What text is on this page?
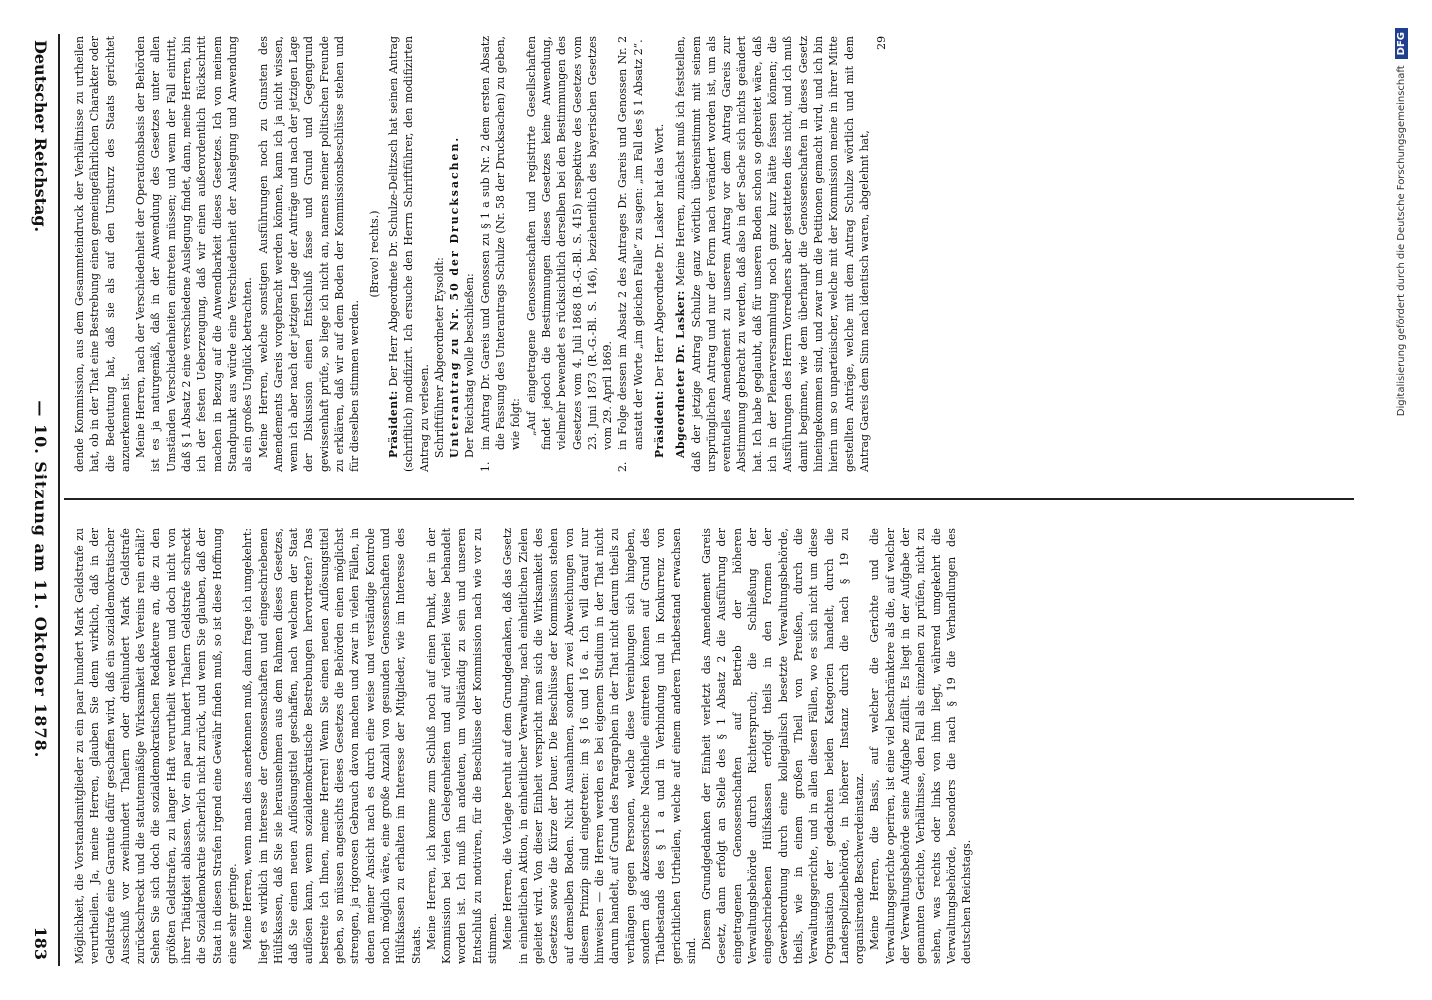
Deutscher Reichstag.
— 10. Sitzung am 11. Oktober 1878.
183 Möglichkeit, die Vorstandsmitglieder zu ein paar hundert Mark Geldstrafe zu verurtheilen. Ja, meine Herren, glauben Sie denn wirklich, daß in der Geldstrafe eine Garantie dafür geschaffen wird, daß ein sozialdemokratischer Ausschuß vor zweihundert Thalern oder dreihundert Mark Geldstrafe zurückschreckt und die statutenmäßige Wirksamkeit des Vereins rein erhält? Sehen Sie sich doch die sozialdemokratischen Redakteure an, die zu den größten Geldstrafen, zu langer Haft verurtheilt werden und doch nicht von ihrer Thätigkeit ablassen. Vor ein paar hundert Thalern Geldstrafe schreckt die Sozialdemokratie sicherlich nicht zurück, und wenn Sie glauben, daß der Staat in diesen Strafen irgend eine Gewähr finden muß, so ist diese Hoffnung eine sehr geringe. Meine Herren, wenn man dies anerkennen muß, dann frage ich umgekehrt: liegt es wirklich im Interesse der Genossenschaften und eingeschriebenen Hülfskassen, daß Sie sie herausnehmen aus dem Rahmen dieses Gesetzes, daß Sie einen neuen Auflösungstitel geschaffen, nach welchem der Staat auflösen kann, wenn sozialdemokratische Bestrebungen hervortreten? Das bestreite ich Ihnen, meine Herren! Wenn Sie einen neuen Auflösungstitel geben, so müssen angesichts dieses Gesetzes die Behörden einen möglichst strengen, ja rigorosen Gebrauch davon machen und zwar in vielen Fällen, in denen meiner Ansicht nach es durch eine weise und verständige Kontrole noch möglich wäre, eine große Anzahl von gesunden Genossenschaften und Hülfskassen zu erhalten im Interesse der Mitglieder, wie im Interesse des Staats. Meine Herren, ich komme zum Schluß noch auf einen Punkt, der in der Kommission bei vielen Gelegenheiten und auf vielerlei Weise behandelt worden ist. Ich muß ihn andeuten, um vollständig zu sein und unseren Entschluß zu motiviren, für die Beschlüsse der Kommission nach wie vor zu stimmen. Meine Herren, die Vorlage beruht auf dem Grundgedanken, daß das Gesetz in einheitlichen Aktion, in einheitlicher Verwaltung, nach einheitlichen Zielen geleitet wird. Von dieser Einheit verspricht man sich die Wirksamkeit des Gesetzes sowie die Kürze der Dauer. Die Beschlüsse der Kommission stehen auf demselben Boden. Nicht Ausnahmen, sondern zwei Abweichungen von diesem Prinzip sind eingetreten: im § 16 und 16 a. Ich will darauf nur hinweisen — die Herren werden es bei eigenem Studium in der That nicht darum handelt, auf Grund des Paragraphen in der That nicht darum theils zu verhängen gegen Personen, welche diese Vereinbungen sich hingeben, sondern daß akzessorische Nachtheile eintreten können auf Grund des Thatbestands des § 1 a und in Verbindung und in Konkurrenz von gerichtlichen Urtheilen, welche auf einem anderen Thatbestand erwachsen sind.

Diesem Grundgedanken der Einheit verletzt das Amendement Gareis Gesetz, dann erfolgt an Stelle des § 1 Absatz 2 die Ausführung der eingetragenen Genossenschaften auf Betrieb der höheren Verwaltungsbehörde durch Richterspruch; die Schließung der eingeschriebenen Hülfskassen erfolgt theils in den Formen der Gewerbeordnung durch eine kollegialisch besetzte Verwaltungsbehörde, theils, wie in einem großen Theil von Preußen, durch die Verwaltungsgerichte, und in allen diesen Fällen, wo es sich nicht um diese Organisation der gedachten beiden Kategorien handelt, durch die Landespolizeibehörde, in höherer Instanz durch die nach § 19 zu organisirende Beschwerdeinstanz. Meine Herren, die Basis, auf welcher die Gerichte und die Verwaltungsgerichte operiren, ist eine viel beschränktere als die, auf welcher der Verwaltungsbehörde seine Aufgabe zufällt. Es liegt in der Aufgabe der genannten Gerichte, Verhältnisse, den Fall als einzelnen zu prüfen, nicht zu sehen, was rechts oder links von ihm liegt, während umgekehrt die Verwaltungsbehörde, besonders die nach § 19 die Verhandlungen des deutschen Reichstags.

dende Kommission, aus dem Gesammteindruck der Verhältnisse zu urtheilen hat, ob in der That eine Bestrebung einen gemeingefährlichen Charakter oder die Bedeutung hat, daß sie als auf den Umsturz des Staats gerichtet anzuerkennen ist. Meine Herren, nach der Verschiedenheit der Operationsbasis der Behörden ist es ja naturgemäß, daß in der Anwendung des Gesetzes unter allen Umständen Verschiedenheiten eintreten müssen; und wenn der Fall eintritt, daß § 1 Absatz 2 eine verschiedene Auslegung findet, dann, meine Herren, bin ich der festen Ueberzeugung, daß wir einen außerordentlich Rückschritt machen in Bezug auf die Anwendbarkeit dieses Gesetzes. Ich von meinem Standpunkt aus würde eine Verschiedenheit der Auslegung und Anwendung als ein großes Unglück betrachten. Meine Herren, welche sonstigen Ausführungen noch zu Gunsten des Amendements Gareis vorgebracht werden können, kann ich ja nicht wissen, wenn ich aber nach der jetzigen Lage der Anträge und nach der jetzigen Lage der Diskussion einen Entschluß fasse und Grund und Gegengrund gewissenhaft prüfe, so liege ich nicht an, namens meiner politischen Freunde zu erklären, daß wir auf dem Boden der Kommissionsbeschlüsse stehen und für dieselben stimmen werden.

(Bravo! rechts.)

Präsident: Der Herr Abgeordnete Dr. Schulze-Delitzsch hat seinen Antrag (schriftlich) modifizirt. Ich ersuche den Herrn Schriftführer, den modifizirten Antrag zu verlesen. Schriftführer Abgeordneter Eysoldt: Unterantrag zu Nr. 50 der Drucksachen. Der Reichstag wolle beschließen:

1.im Antrag Dr. Gareis und Genossen zu § 1 a sub Nr. 2 dem ersten Absatz die Fassung des Unterantrags Schulze (Nr. 58 der Drucksachen) zu geben, wie folgt: „Auf eingetragene Genossenschaften und registrirte Gesellschaften findet jedoch die Bestimmungen dieses Gesetzes keine Anwendung, vielmehr bewendet es rücksichtlich derselben bei den Bestimmungen des Gesetzes vom 4. Juli 1868 (B.-G.-Bl. S. 415) respektive des Gesetzes vom 23. Juni 1873 (R.-G.-Bl. S. 146), beziehentlich des bayerischen Gesetzes vom 29. April 1869.

2.in Folge dessen im Absatz 2 des Antrages Dr. Gareis und Genossen Nr. 2 anstatt der Worte „im gleichen Falle“ zu sagen: „im Fall des § 1 Absatz 2“. Präsident: Der Herr Abgeordnete Dr. Lasker hat das Wort. Abgeordneter Dr. Lasker: Meine Herren, zunächst muß ich feststellen, daß der jetzige Antrag Schulze ganz wörtlich übereinstimmt mit seinem ursprünglichen Antrag und nur der Form nach verändert worden ist, um als eventuelles Amendement zu unserem Antrag vor dem Antrag Gareis zur Abstimmung gebracht zu werden, daß also in der Sache sich nichts geändert hat. Ich habe geglaubt, daß für unseren Boden schon so gebreitet wäre, daß ich in der Plenarversammlung noch ganz kurz hätte fassen können; die Ausführungen des Herrn Vorredners aber gestatteten dies nicht, und ich muß damit beginnen, wie dem überhaupt die Genossenschaften in dieses Gesetz hineingekommen sind, und zwar um die Petitionen gemacht wird, und ich bin hierin um so unparteiischer, welche mit der Kommission meine in ihrer Mitte gestellten Anträge, welche mit dem Antrag Schulze wörtlich und mit dem Antrag Gareis dem Sinn nach identisch waren, abgelehnt hat,

29

Digitalisierung gefördert durch die Deutsche Forschungsgemeinschaft
DFG
